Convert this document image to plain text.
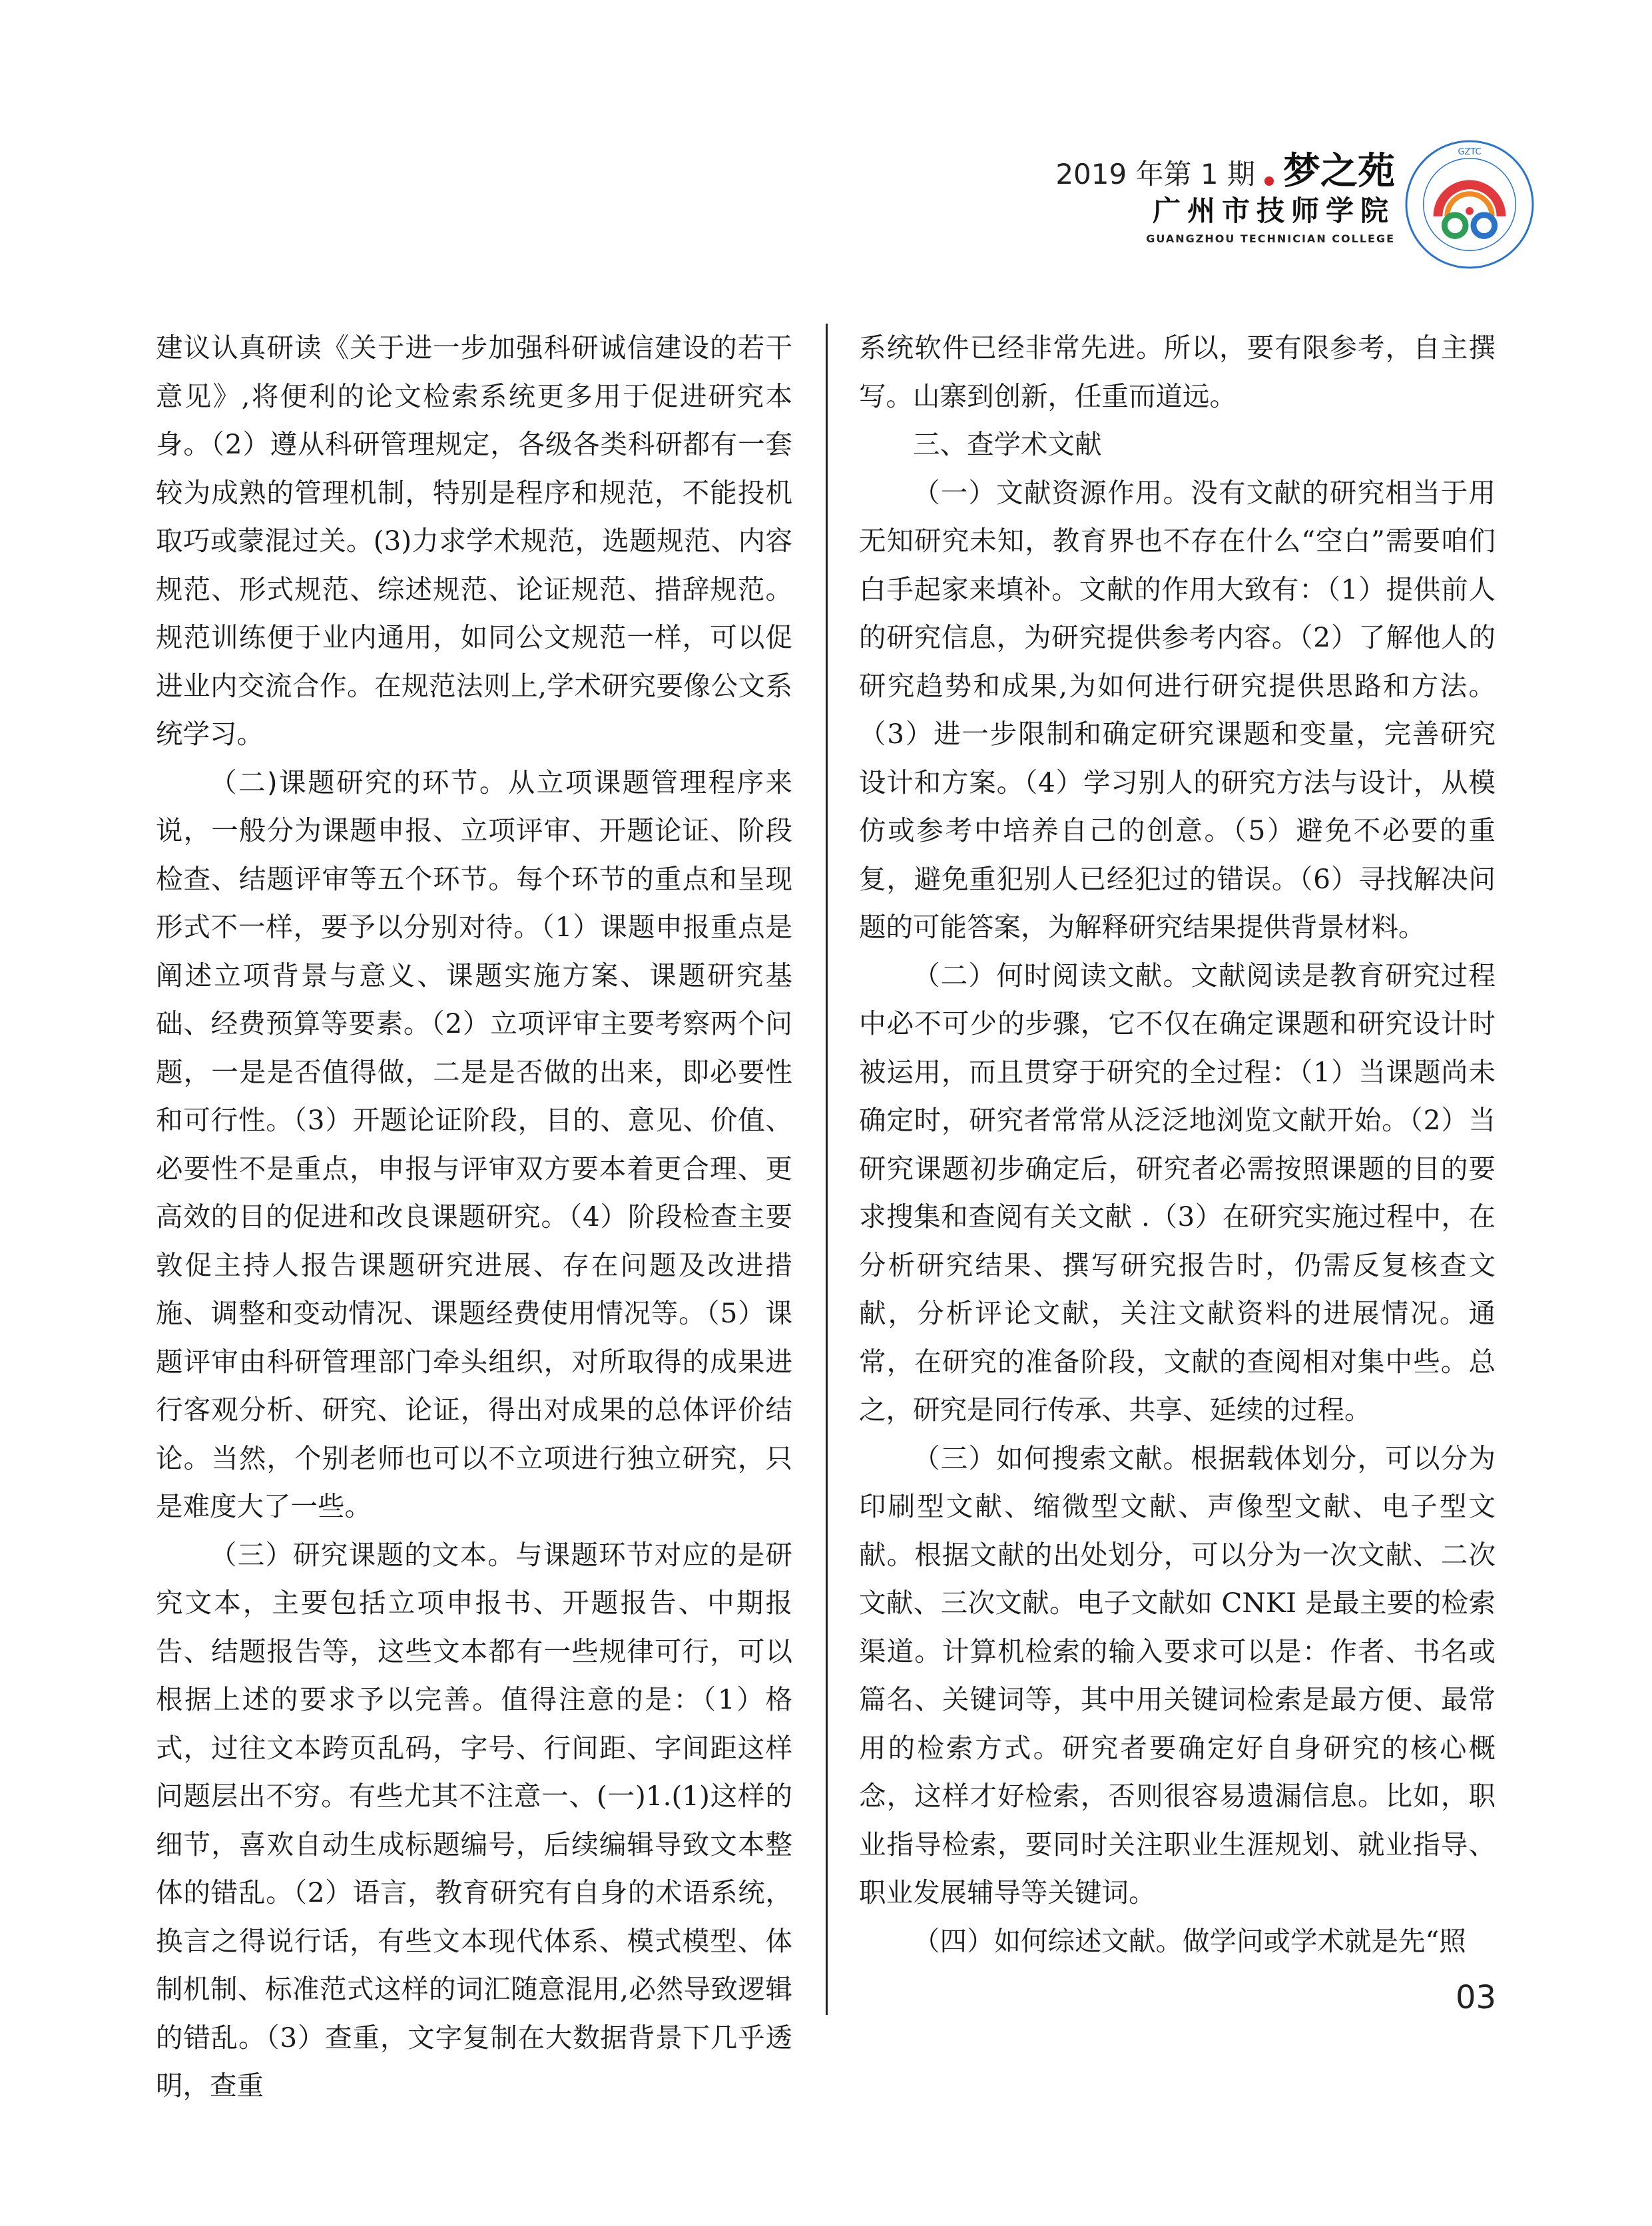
2019 年第 1 期 梦之苑
广州市技师学院
GUANGZHOU TECHNICIAN COLLEGE
GZTC

建议认真研读《关于进一步加强科研诚信建设的若干意见》,将便利的论文检索系统更多用于促进研究本身。（2）遵从科研管理规定，各级各类科研都有一套较为成熟的管理机制，特别是程序和规范，不能投机取巧或蒙混过关。(3)力求学术规范，选题规范、内容规范、形式规范、综述规范、论证规范、措辞规范。规范训练便于业内通用，如同公文规范一样，可以促进业内交流合作。在规范法则上,学术研究要像公文系统学习。

（二)课题研究的环节。从立项课题管理程序来说，一般分为课题申报、立项评审、开题论证、阶段检查、结题评审等五个环节。每个环节的重点和呈现形式不一样，要予以分别对待。（1）课题申报重点是阐述立项背景与意义、课题实施方案、课题研究基础、经费预算等要素。（2）立项评审主要考察两个问题，一是是否值得做，二是是否做的出来，即必要性和可行性。（3）开题论证阶段，目的、意见、价值、必要性不是重点，申报与评审双方要本着更合理、更高效的目的促进和改良课题研究。（4）阶段检查主要敦促主持人报告课题研究进展、存在问题及改进措施、调整和变动情况、课题经费使用情况等。（5）课题评审由科研管理部门牵头组织，对所取得的成果进行客观分析、研究、论证，得出对成果的总体评价结论。当然，个别老师也可以不立项进行独立研究，只是难度大了一些。

（三）研究课题的文本。与课题环节对应的是研究文本，主要包括立项申报书、开题报告、中期报告、结题报告等，这些文本都有一些规律可行，可以根据上述的要求予以完善。值得注意的是：（1）格式，过往文本跨页乱码，字号、行间距、字间距这样问题层出不穷。有些尤其不注意一、(一)1.(1)这样的细节，喜欢自动生成标题编号，后续编辑导致文本整体的错乱。（2）语言，教育研究有自身的术语系统，换言之得说行话，有些文本现代体系、模式模型、体制机制、标准范式这样的词汇随意混用,必然导致逻辑的错乱。（3）查重，文字复制在大数据背景下几乎透明，查重

系统软件已经非常先进。所以，要有限参考，自主撰写。山寨到创新，任重而道远。

三、查学术文献

（一）文献资源作用。没有文献的研究相当于用无知研究未知，教育界也不存在什么“空白”需要咱们白手起家来填补。文献的作用大致有：（1）提供前人的研究信息，为研究提供参考内容。（2）了解他人的研究趋势和成果,为如何进行研究提供思路和方法。（3）进一步限制和确定研究课题和变量，完善研究设计和方案。（4）学习别人的研究方法与设计，从模仿或参考中培养自己的创意。（5）避免不必要的重复，避免重犯别人已经犯过的错误。（6）寻找解决问题的可能答案，为解释研究结果提供背景材料。

（二）何时阅读文献。文献阅读是教育研究过程中必不可少的步骤，它不仅在确定课题和研究设计时被运用，而且贯穿于研究的全过程：（1）当课题尚未确定时，研究者常常从泛泛地浏览文献开始。（2）当研究课题初步确定后，研究者必需按照课题的目的要求搜集和查阅有关文献 .（3）在研究实施过程中，在分析研究结果、撰写研究报告时，仍需反复核查文献，分析评论文献，关注文献资料的进展情况。通常，在研究的准备阶段，文献的查阅相对集中些。总之，研究是同行传承、共享、延续的过程。

（三）如何搜索文献。根据载体划分，可以分为印刷型文献、缩微型文献、声像型文献、电子型文献。根据文献的出处划分，可以分为一次文献、二次文献、三次文献。电子文献如 CNKI 是最主要的检索渠道。计算机检索的输入要求可以是：作者、书名或篇名、关键词等，其中用关键词检索是最方便、最常用的检索方式。研究者要确定好自身研究的核心概念，这样才好检索，否则很容易遗漏信息。比如，职业指导检索，要同时关注职业生涯规划、就业指导、职业发展辅导等关键词。

（四）如何综述文献。做学问或学术就是先“照

03
